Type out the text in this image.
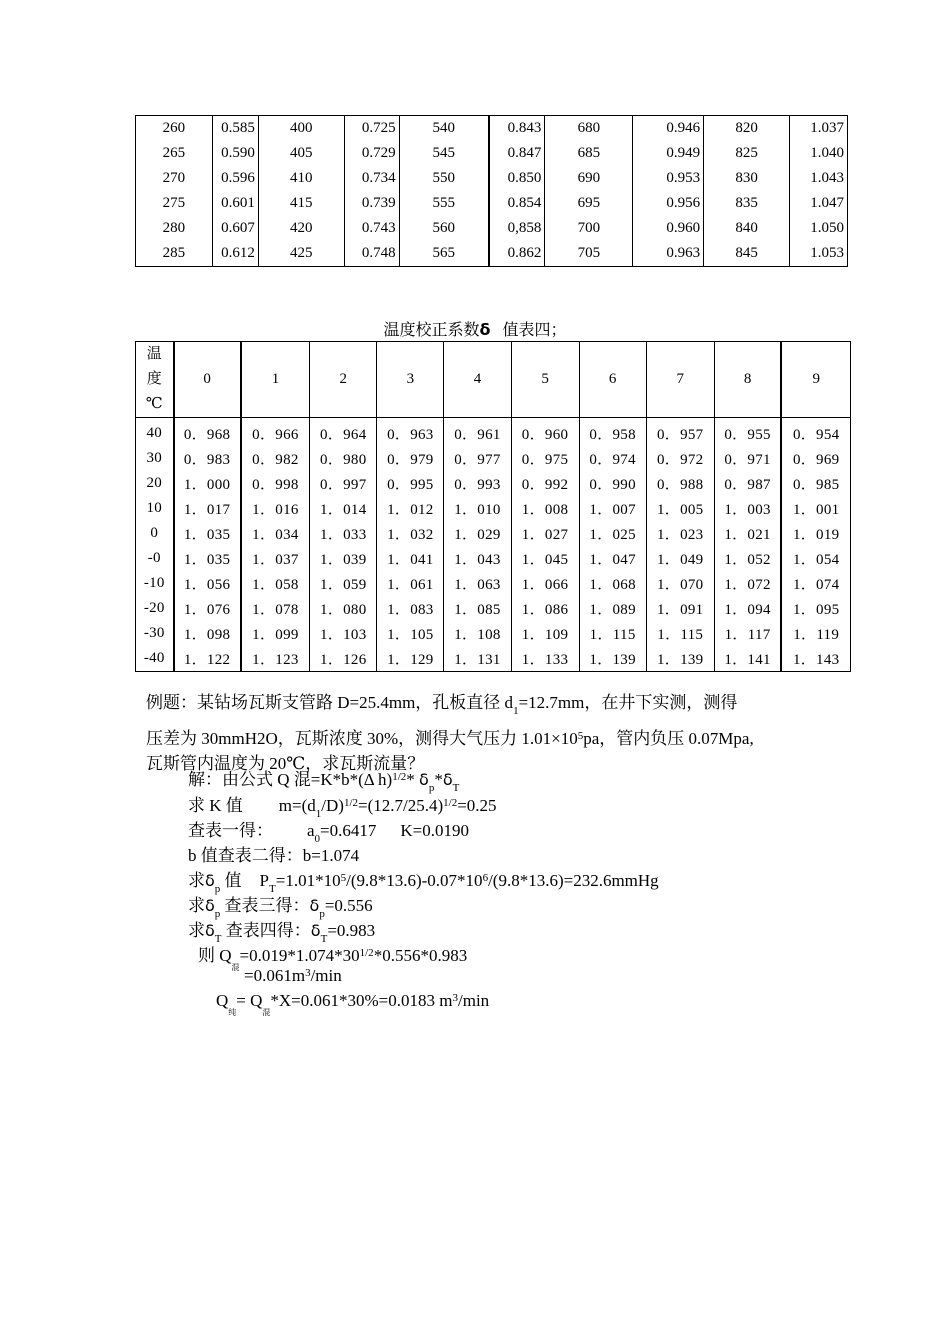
260	0.585	400	0.725	540	0.843	680	0.946	820	1.037
265	0.590	405	0.729	545	0.847	685	0.949	825	1.040
270	0.596	410	0.734	550	0.850	690	0.953	830	1.043
275	0.601	415	0.739	555	0.854	695	0.956	835	1.047
280	0.607	420	0.743	560	0,858	700	0.960	840	1.050
285	0.612	425	0.748	565	0.862	705	0.963	845	1.053
温度校正系数δ 值表四；
温
度
℃	0	1	2	3	4	5	6	7	8	9
40	0．968	0．966	0．964	0．963	0．961	0．960	0．958	0．957	0．955	0．954
30	0．983	0．982	0．980	0．979	0．977	0．975	0．974	0．972	0．971	0．969
20	1．000	0．998	0．997	0．995	0．993	0．992	0．990	0．988	0．987	0．985
10	1．017	1．016	1．014	1．012	1．010	1．008	1．007	1．005	1．003	1．001
0	1．035	1．034	1．033	1．032	1．029	1．027	1．025	1．023	1．021	1．019
-0	1．035	1．037	1．039	1．041	1．043	1．045	1．047	1．049	1．052	1．054
-10	1．056	1．058	1．059	1．061	1．063	1．066	1．068	1．070	1．072	1．074
-20	1．076	1．078	1．080	1．083	1．085	1．086	1．089	1．091	1．094	1．095
-30	1．098	1．099	1．103	1．105	1．108	1．109	1．115	1．115	1．117	1．119
-40	1．122	1．123	1．126	1．129	1．131	1．133	1．139	1．139	1．141	1．143
例题：某钻场瓦斯支管路 D=25.4mm，孔板直径 $d_1=12.7mm$，在井下实测，测得
压差为 30mmH2O，瓦斯浓度 30%，测得大气压力 $1.01\times 10^5pa$，管内负压 0.07Mpa,
瓦斯管内温度为 20℃，求瓦斯流量？
解：由公式 Q 混=K*b*(Δ h)$^{1/2}$* $\delta_p*\delta_T$
求 K 值 $m=(d_1/D)^{1/2}=(12.7/25.4)^{1/2}=0.25$
查表一得： $a_0=0.6417$ K=0.0190
b 值查表二得：b=1.074
求$\delta_p$ 值 $P_T=1.01*10^5/(9.8*13.6)-0.07*10^6/(9.8*13.6)=232.6mmHg$
求$\delta_p$ 查表三得：$\delta_p=0.556$
求$\delta_T$ 查表四得：$\delta_T=0.983$
则 $Q_混=0.019*1.074*30^{1/2}*0.556*0.983$
$=0.061m^3/\min$
$Q_纯= Q_混*X=0.061*30\%=0.0183$ $m^3/\min$
